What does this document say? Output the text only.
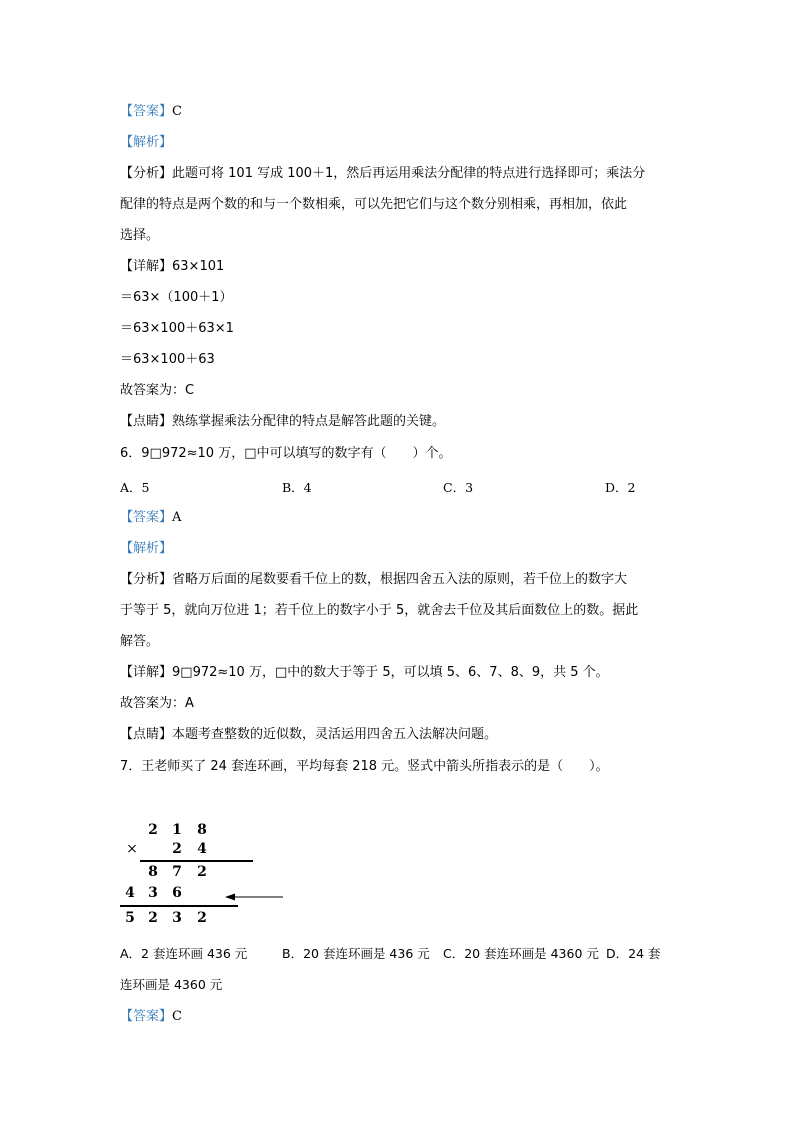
【答案】C
【解析】
【分析】此题可将 101 写成 100＋1，然后再运用乘法分配律的特点进行选择即可；乘法分
配律的特点是两个数的和与一个数相乘，可以先把它们与这个数分别相乘，再相加，依此
选择。
【详解】63×101
＝63×（100＋1）
＝63×100＋63×1
＝63×100＋63
故答案为：C
【点睛】熟练掌握乘法分配律的特点是解答此题的关键。
6．9□972≈10 万，□中可以填写的数字有（　　）个。
A．5	B．4	C．3	D．2
【答案】A
【解析】
【分析】省略万后面的尾数要看千位上的数，根据四舍五入法的原则，若千位上的数字大
于等于 5，就向万位进 1；若千位上的数字小于 5，就舍去千位及其后面数位上的数。据此
解答。
【详解】9□972≈10 万，□中的数大于等于 5，可以填 5、6、7、8、9，共 5 个。
故答案为：A
【点睛】本题考查整数的近似数，灵活运用四舍五入法解决问题。
7．王老师买了 24 套连环画，平均每套 218 元。竖式中箭头所指表示的是（　　）。
2 1 8
× 2 4
8 7 2
4 3 6
5 2 3 2
A．2 套连环画 436 元	B．20 套连环画是 436 元 C．20 套连环画是 4360 元 D．24 套
连环画是 4360 元
【答案】C
